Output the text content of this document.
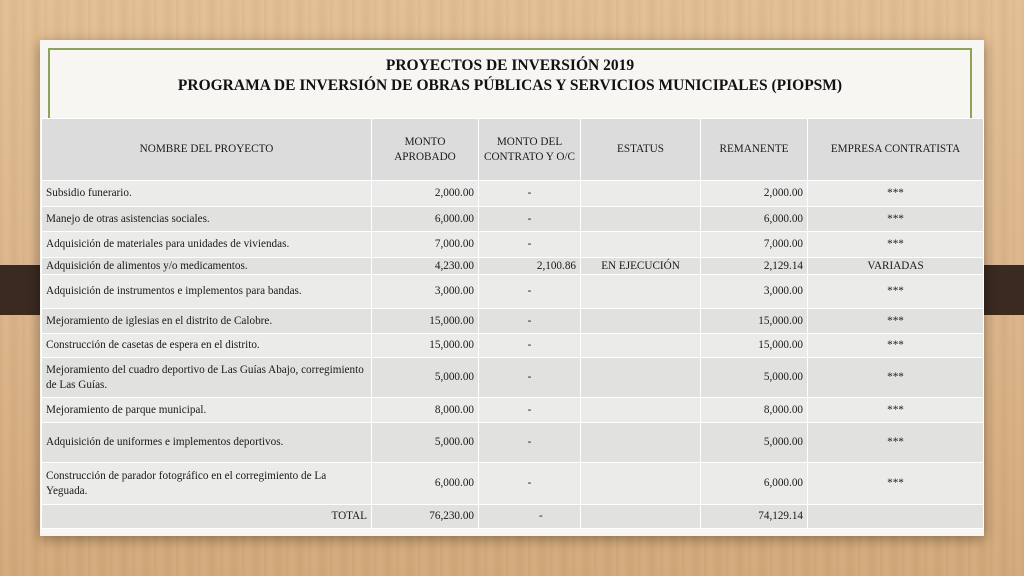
PROYECTOS DE INVERSIÓN 2019
PROGRAMA DE INVERSIÓN DE OBRAS PÚBLICAS Y SERVICIOS MUNICIPALES (PIOPSM)
NOMBRE DEL PROYECTO	MONTO APROBADO	MONTO DEL CONTRATO Y O/C	ESTATUS	REMANENTE	EMPRESA CONTRATISTA
Subsidio funerario.	2,000.00	-		2,000.00	***
Manejo de otras asistencias sociales.	6,000.00	-		6,000.00	***
Adquisición de materiales para unidades de viviendas.	7,000.00	-		7,000.00	***
Adquisición de alimentos y/o medicamentos.	4,230.00	2,100.86	EN EJECUCIÓN	2,129.14	VARIADAS
Adquisición de instrumentos e implementos para bandas.	3,000.00	-		3,000.00	***
Mejoramiento de iglesias en el distrito de Calobre.	15,000.00	-		15,000.00	***
Construcción de casetas de espera en el distrito.	15,000.00	-		15,000.00	***
Mejoramiento del cuadro deportivo de Las Guías Abajo, corregimiento de Las Guías.	5,000.00	-		5,000.00	***
Mejoramiento de parque municipal.	8,000.00	-		8,000.00	***
Adquisición de uniformes e implementos deportivos.	5,000.00	-		5,000.00	***
Construcción de parador fotográfico en el corregimiento de La Yeguada.	6,000.00	-		6,000.00	***
TOTAL	76,230.00	-		74,129.14	
